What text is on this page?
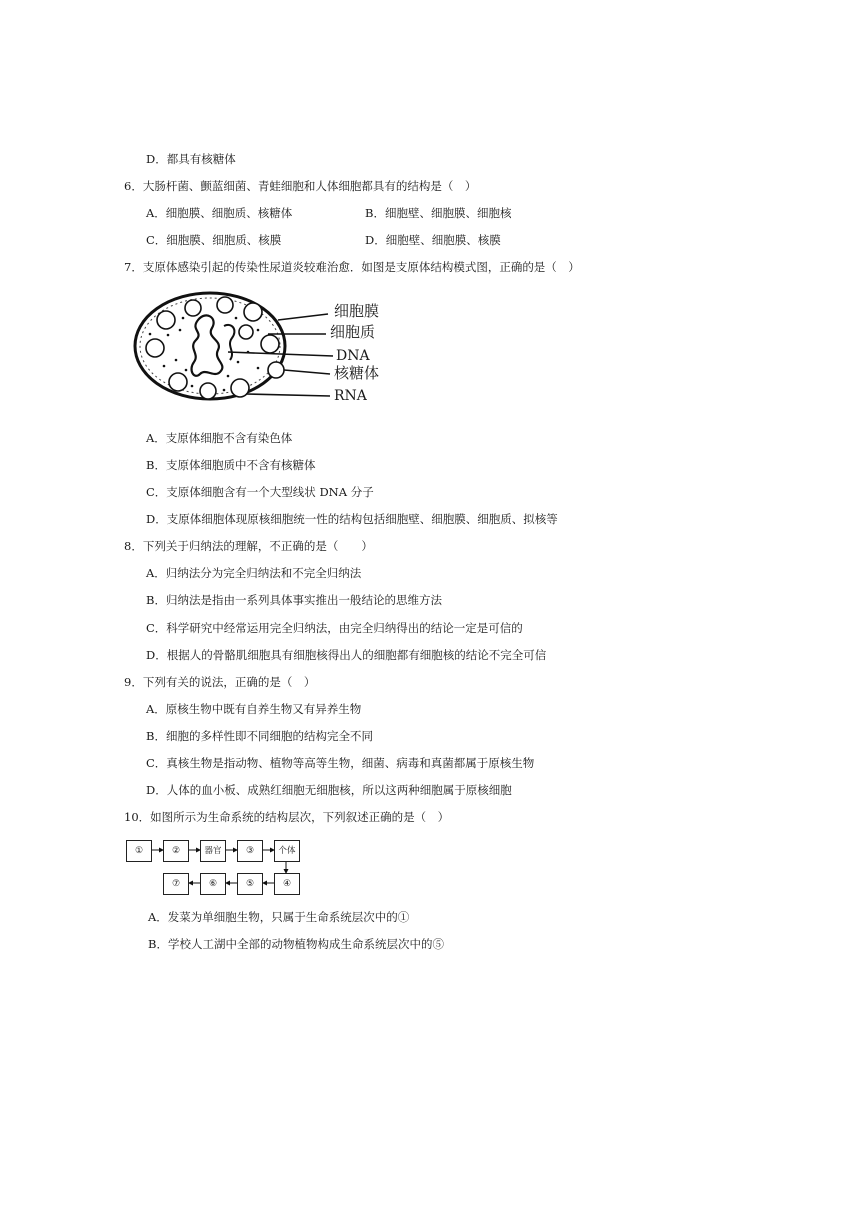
D．都具有核糖体
6．大肠杆菌、颤蓝细菌、青蛙细胞和人体细胞都具有的结构是（　）
A．细胞膜、细胞质、核糖体	B．细胞壁、细胞膜、细胞核
C．细胞膜、细胞质、核膜	D．细胞壁、细胞膜、核膜
7．支原体感染引起的传染性尿道炎较难治愈．如图是支原体结构模式图，正确的是（　）
细胞膜
细胞质
DNA
核糖体
RNA
A．支原体细胞不含有染色体
B．支原体细胞质中不含有核糖体
C．支原体细胞含有一个大型线状 DNA 分子
D．支原体细胞体现原核细胞统一性的结构包括细胞壁、细胞膜、细胞质、拟核等
8．下列关于归纳法的理解，不正确的是（　　）
A．归纳法分为完全归纳法和不完全归纳法
B．归纳法是指由一系列具体事实推出一般结论的思维方法
C．科学研究中经常运用完全归纳法，由完全归纳得出的结论一定是可信的
D．根据人的骨骼肌细胞具有细胞核得出人的细胞都有细胞核的结论不完全可信
9．下列有关的说法，正确的是（　）
A．原核生物中既有自养生物又有异养生物
B．细胞的多样性即不同细胞的结构完全不同
C．真核生物是指动物、植物等高等生物，细菌、病毒和真菌都属于原核生物
D．人体的血小板、成熟红细胞无细胞核，所以这两种细胞属于原核细胞
10．如图所示为生命系统的结构层次，下列叙述正确的是（　）
①	②	器官	③	个体
⑦	⑥	⑤	④
A．发菜为单细胞生物，只属于生命系统层次中的①
B．学校人工湖中全部的动物植物构成生命系统层次中的⑤
